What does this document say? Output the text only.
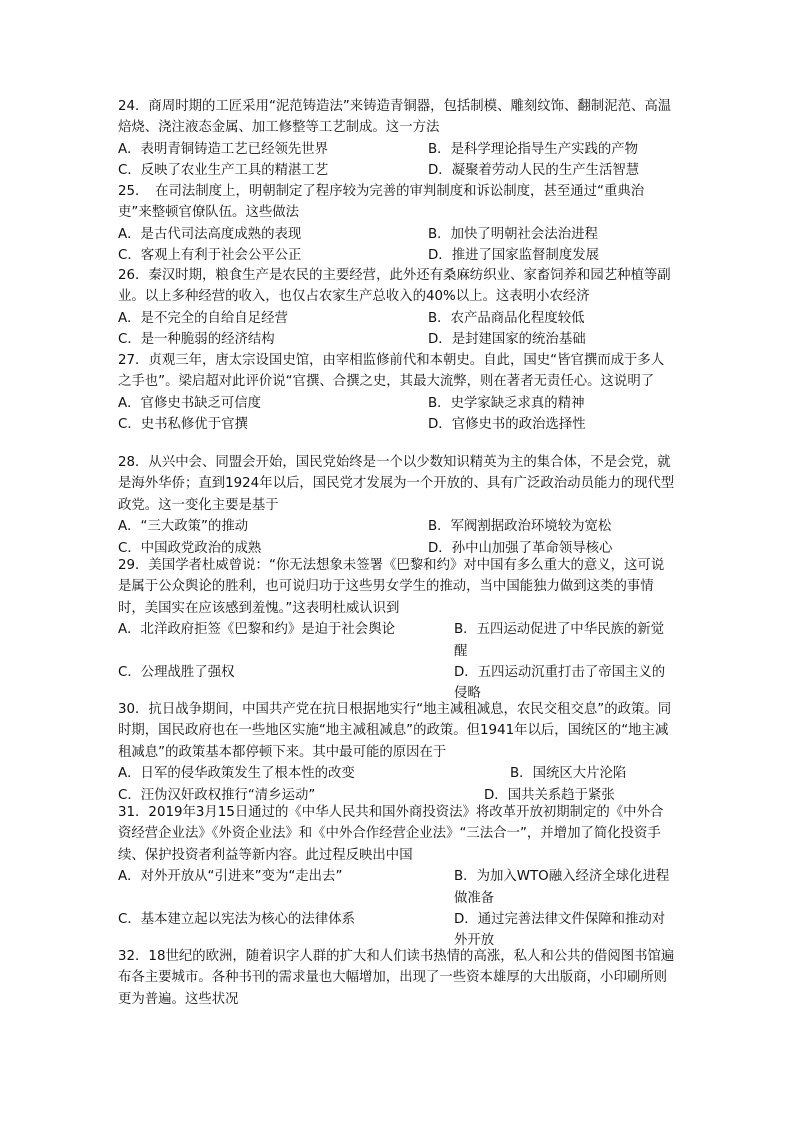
24．商周时期的工匠采用“泥范铸造法”来铸造青铜器，包括制模、雕刻纹饰、翻制泥范、高温焙烧、浇注液态金属、加工修整等工艺制成。这一方法
A．表明青铜铸造工艺已经领先世界	B．是科学理论指导生产实践的产物
C．反映了农业生产工具的精湛工艺	D．凝聚着劳动人民的生产生活智慧
25．　在司法制度上，明朝制定了程序较为完善的审判制度和诉讼制度，甚至通过“重典治吏”来整顿官僚队伍。这些做法
A．是古代司法高度成熟的表现	B．加快了明朝社会法治进程
C．客观上有利于社会公平公正	D．推进了国家监督制度发展
26．秦汉时期，粮食生产是农民的主要经营，此外还有桑麻纺织业、家畜饲养和园艺种植等副业。以上多种经营的收入，也仅占农家生产总收入的40%以上。这表明小农经济
A．是不完全的自给自足经营	B．农产品商品化程度较低
C．是一种脆弱的经济结构	D．是封建国家的统治基础
27．贞观三年，唐太宗设国史馆，由宰相监修前代和本朝史。自此，国史“皆官撰而成于多人之手也”。梁启超对此评价说“官撰、合撰之史，其最大流弊，则在著者无责任心。这说明了
A．官修史书缺乏可信度	B．史学家缺乏求真的精神
C．史书私修优于官撰	D．官修史书的政治选择性
28．从兴中会、同盟会开始，国民党始终是一个以少数知识精英为主的集合体，不是会党，就是海外华侨；直到1924年以后，国民党才发展为一个开放的、具有广泛政治动员能力的现代型政党。这一变化主要是基于
A．“三大政策”的推动	B．军阀割据政治环境较为宽松
C．中国政党政治的成熟	D．孙中山加强了革命领导核心
29．美国学者杜威曾说：“你无法想象未签署《巴黎和约》对中国有多么重大的意义，这可说是属于公众舆论的胜利，也可说归功于这些男女学生的推动，当中国能独力做到这类的事情时，美国实在应该感到羞愧。”这表明杜威认识到
A．北洋政府拒签《巴黎和约》是迫于社会舆论	B．五四运动促进了中华民族的新觉醒
C．公理战胜了强权	D．五四运动沉重打击了帝国主义的侵略
30．抗日战争期间，中国共产党在抗日根据地实行“地主减租减息，农民交租交息”的政策。同时期，国民政府也在一些地区实施“地主减租减息”的政策。但1941年以后，国统区的“地主减租减息”的政策基本都停顿下来。其中最可能的原因在于
A．日军的侵华政策发生了根本性的改变	B．国统区大片沦陷
C．汪伪汉奸政权推行“清乡运动”	D．国共关系趋于紧张
31．2019年3月15日通过的《中华人民共和国外商投资法》将改革开放初期制定的《中外合资经营企业法》《外资企业法》和《中外合作经营企业法》“三法合一”，并增加了简化投资手续、保护投资者利益等新内容。此过程反映出中国
A．对外开放从“引进来”变为“走出去”	B．为加入WTO融入经济全球化进程做准备
C．基本建立起以宪法为核心的法律体系	D．通过完善法律文件保障和推动对外开放
32．18世纪的欧洲，随着识字人群的扩大和人们读书热情的高涨，私人和公共的借阅图书馆遍布各主要城市。各种书刊的需求量也大幅增加，出现了一些资本雄厚的大出版商，小印刷所则更为普遍。这些状况
